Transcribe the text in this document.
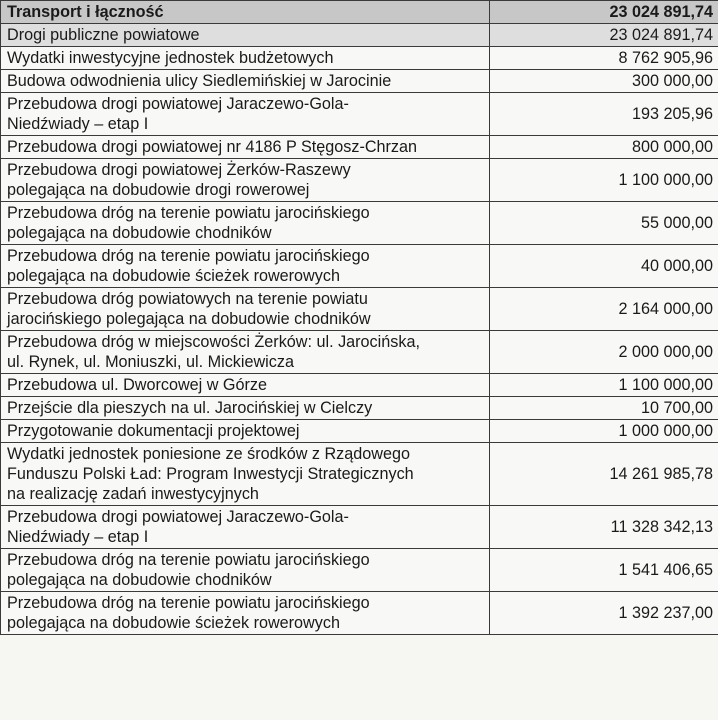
Transport i łączność	23 024 891,74
Drogi publiczne powiatowe	23 024 891,74

Wydatki inwestycyjne jednostek budżetowych	8 762 905,96

Budowa odwodnienia ulicy Siedlemińskiej w Jarocinie	300 000,00

Przebudowa drogi powiatowej Jaraczewo-Gola-
Niedźwiady – etap I	193 205,96

Przebudowa drogi powiatowej nr 4186 P Stęgosz-Chrzan	800 000,00

Przebudowa drogi powiatowej Żerków-Raszewy
polegająca na dobudowie drogi rowerowej	1 100 000,00

Przebudowa dróg na terenie powiatu jarocińskiego
polegająca na dobudowie chodników	55 000,00

Przebudowa dróg na terenie powiatu jarocińskiego
polegająca na dobudowie ścieżek rowerowych	40 000,00

Przebudowa dróg powiatowych na terenie powiatu
jarocińskiego polegająca na dobudowie chodników	2 164 000,00

Przebudowa dróg w miejscowości Żerków: ul. Jarocińska,
ul. Rynek, ul. Moniuszki, ul. Mickiewicza	2 000 000,00

Przebudowa ul. Dworcowej w Górze	1 100 000,00

Przejście dla pieszych na ul. Jarocińskiej w Cielczy	10 700,00

Przygotowanie dokumentacji projektowej	1 000 000,00

Wydatki jednostek poniesione ze środków z Rządowego
Funduszu Polski Ład: Program Inwestycji Strategicznych
na realizację zadań inwestycyjnych	14 261 985,78

Przebudowa drogi powiatowej Jaraczewo-Gola-
Niedźwiady – etap I	11 328 342,13

Przebudowa dróg na terenie powiatu jarocińskiego
polegająca na dobudowie chodników	1 541 406,65

Przebudowa dróg na terenie powiatu jarocińskiego
polegająca na dobudowie ścieżek rowerowych	1 392 237,00
